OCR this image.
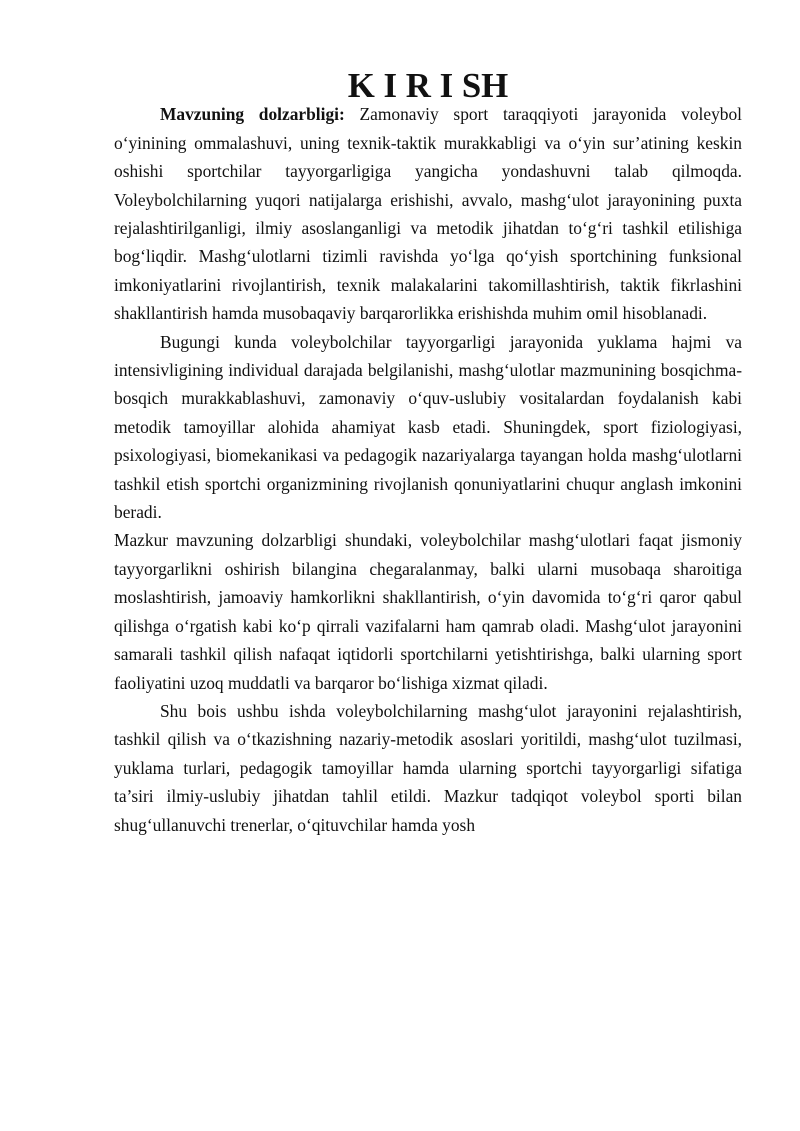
K I R I SH

Mavzuning dolzarbligi: Zamonaviy sport taraqqiyoti jarayonida voleybol oʻyinining ommalashuvi, uning texnik-taktik murakkabligi va oʻyin sur’atining keskin oshishi sportchilar tayyorgarligiga yangicha yondashuvni talab qilmoqda. Voleybolchilarning yuqori natijalarga erishishi, avvalo, mashgʻulot jarayonining puxta rejalashtirilganligi, ilmiy asoslanganligi va metodik jihatdan toʻgʻri tashkil etilishiga bogʻliqdir. Mashgʻulotlarni tizimli ravishda yoʻlga qoʻyish sportchining funksional imkoniyatlarini rivojlantirish, texnik malakalarini takomillashtirish, taktik fikrlashini shakllantirish hamda musobaqaviy barqarorlikka erishishda muhim omil hisoblanadi.

Bugungi kunda voleybolchilar tayyorgarligi jarayonida yuklama hajmi va intensivligining individual darajada belgilanishi, mashgʻulotlar mazmunining bosqichma-bosqich murakkablashuvi, zamonaviy oʻquv-uslubiy vositalardan foydalanish kabi metodik tamoyillar alohida ahamiyat kasb etadi. Shuningdek, sport fiziologiyasi, psixologiyasi, biomekanikasi va pedagogik nazariyalarga tayangan holda mashgʻulotlarni tashkil etish sportchi organizmining rivojlanish qonuniyatlarini chuqur anglash imkonini beradi.

Mazkur mavzuning dolzarbligi shundaki, voleybolchilar mashgʻulotlari faqat jismoniy tayyorgarlikni oshirish bilangina chegaralanmay, balki ularni musobaqa sharoitiga moslashtirish, jamoaviy hamkorlikni shakllantirish, oʻyin davomida toʻgʻri qaror qabul qilishga oʻrgatish kabi koʻp qirrali vazifalarni ham qamrab oladi. Mashgʻulot jarayonini samarali tashkil qilish nafaqat iqtidorli sportchilarni yetishtirishga, balki ularning sport faoliyatini uzoq muddatli va barqaror boʻlishiga xizmat qiladi.

Shu bois ushbu ishda voleybolchilarning mashgʻulot jarayonini rejalashtirish, tashkil qilish va oʻtkazishning nazariy-metodik asoslari yoritildi, mashgʻulot tuzilmasi, yuklama turlari, pedagogik tamoyillar hamda ularning sportchi tayyorgarligi sifatiga ta’siri ilmiy-uslubiy jihatdan tahlil etildi. Mazkur tadqiqot voleybol sporti bilan shugʻullanuvchi trenerlar, oʻqituvchilar hamda yosh
